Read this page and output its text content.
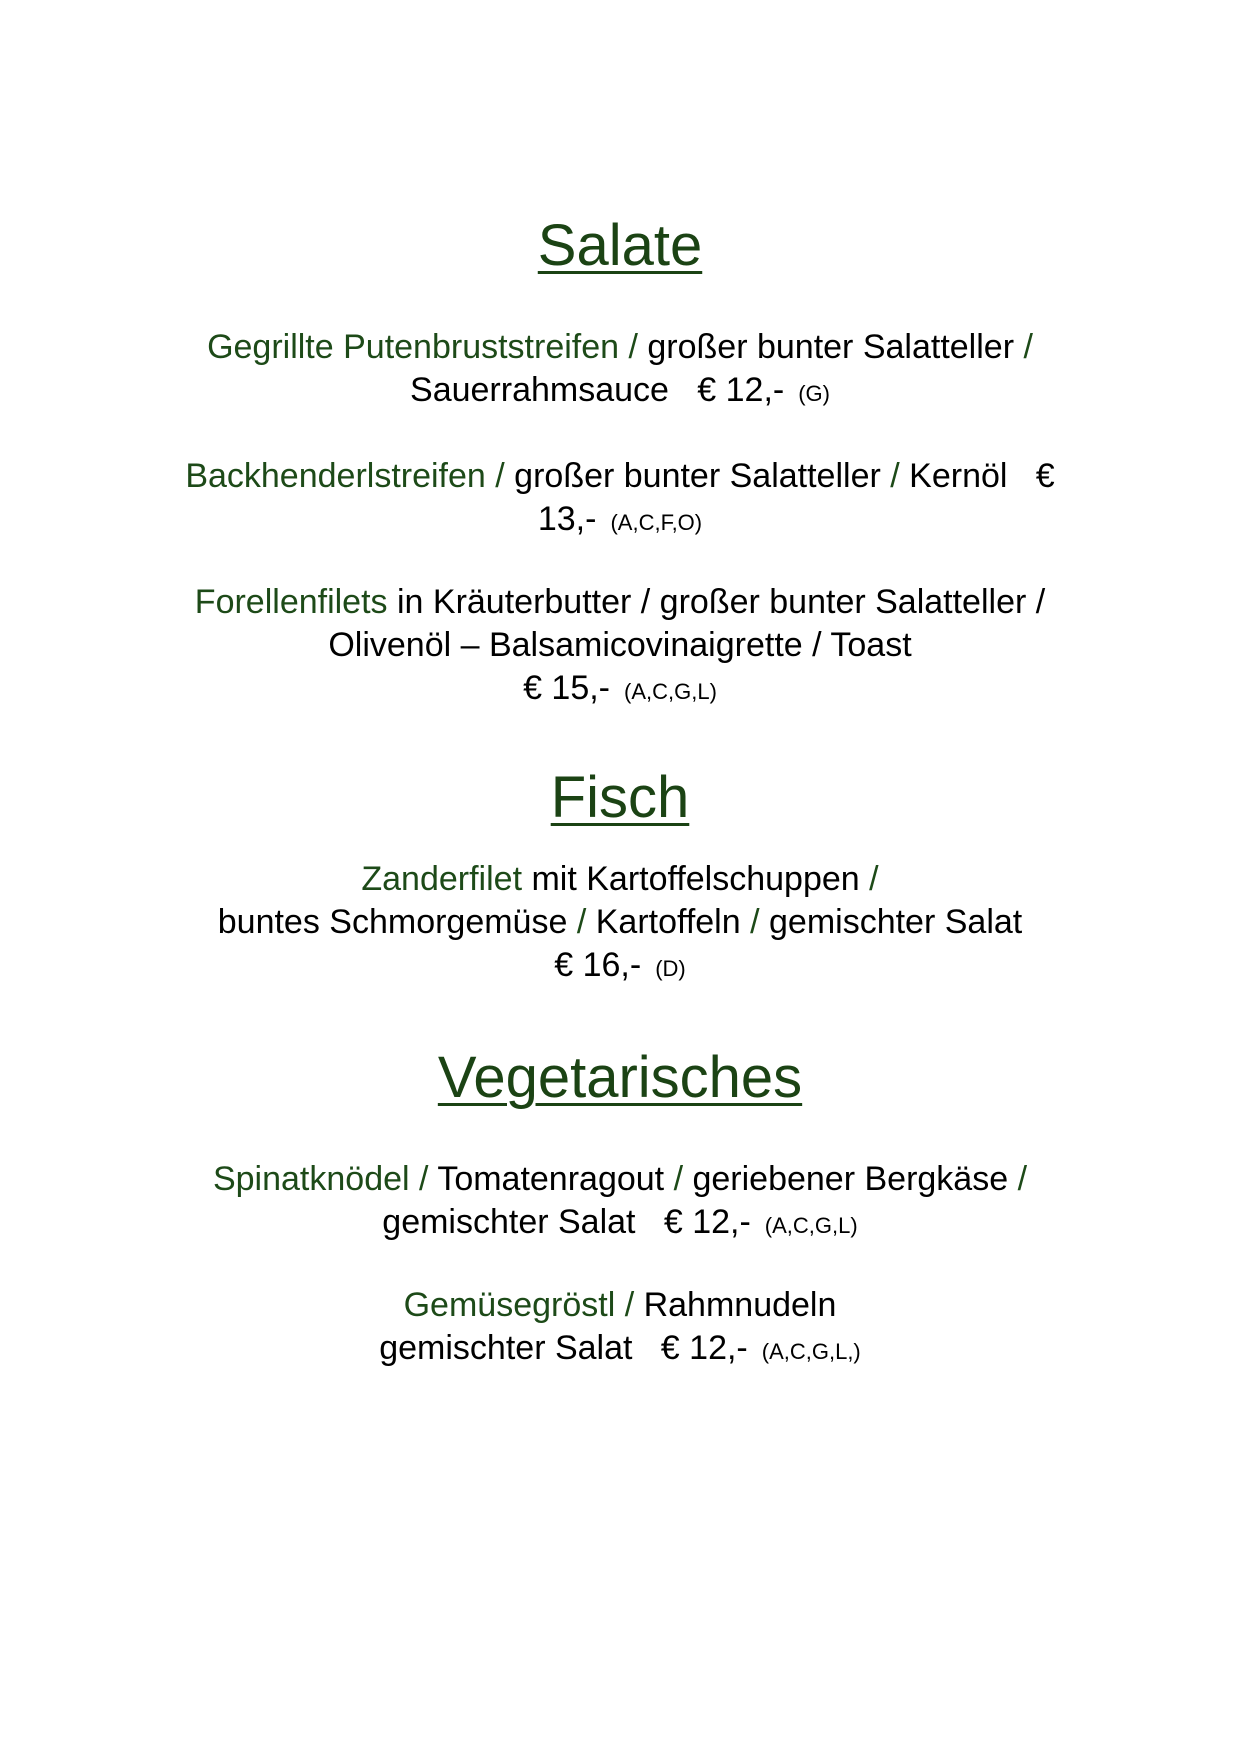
Salate
Gegrillte Putenbruststreifen / großer bunter Salatteller /
Sauerrahmsauce   € 12,- (G)
Backhenderlstreifen / großer bunter Salatteller / Kernöl   €
13,- (A,C,F,O)
Forellenfilets in Kräuterbutter / großer bunter Salatteller /
Olivenöl – Balsamicovinaigrette / Toast
€ 15,- (A,C,G,L)
Fisch
Zanderfilet mit Kartoffelschuppen /
buntes Schmorgemüse / Kartoffeln / gemischter Salat
€ 16,- (D)
Vegetarisches
Spinatknödel / Tomatenragout / geriebener Bergkäse /
gemischter Salat   € 12,- (A,C,G,L)
Gemüsegröstl / Rahmnudeln
gemischter Salat   € 12,- (A,C,G,L,)
